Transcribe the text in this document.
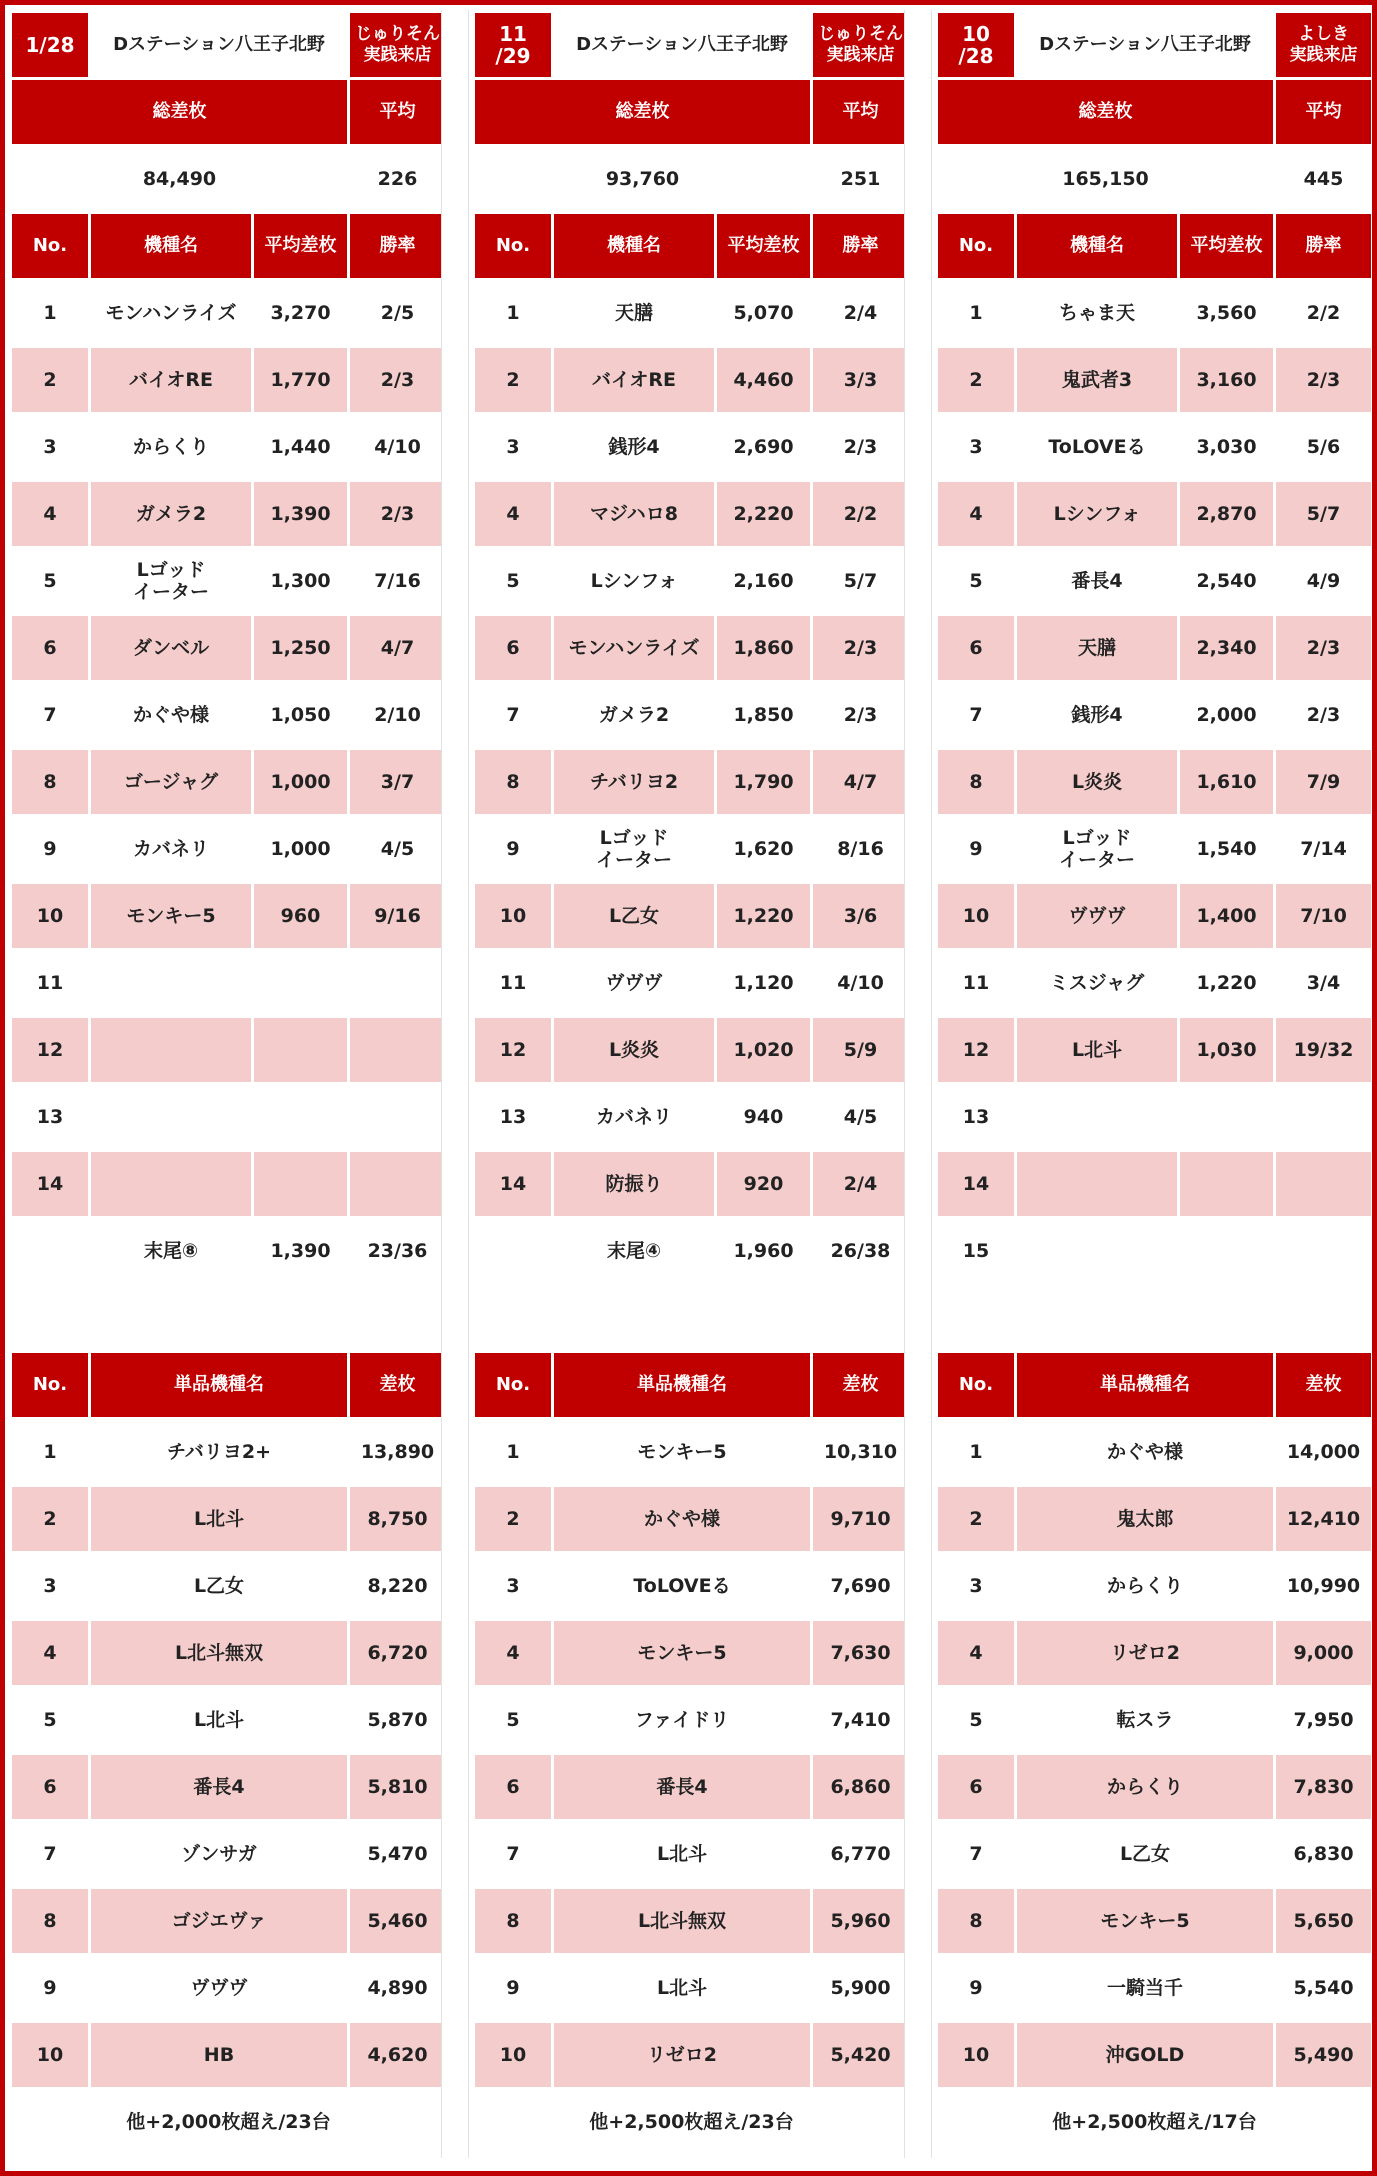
1/28	Dステーション八王子北野		じゅりそん
実践来店
総差枚			平均
84,490			226
No.	機種名	平均差枚	勝率
1	モンハンライズ	3,270	2/5
2	バイオRE	1,770	2/3
3	からくり	1,440	4/10
4	ガメラ2	1,390	2/3
5	Lゴッド
イーター	1,300	7/16
6	ダンベル	1,250	4/7
7	かぐや様	1,050	2/10
8	ゴージャグ	1,000	3/7
9	カバネリ	1,000	4/5
10	モンキー5	960	9/16
11			
12			
13			
14			
	末尾⑧	1,390	23/36

No.	単品機種名		差枚
1	チバリヨ2+		13,890
2	L北斗		8,750
3	L乙女		8,220
4	L北斗無双		6,720
5	L北斗		5,870
6	番長4		5,810
7	ゾンサガ		5,470
8	ゴジエヴァ		5,460
9	ヴヴヴ		4,890
10	HB		4,620
他+2,000枚超え/23台			
11
/29	Dステーション八王子北野		じゅりそん
実践来店
総差枚			平均
93,760			251
No.	機種名	平均差枚	勝率
1	天膳	5,070	2/4
2	バイオRE	4,460	3/3
3	銭形4	2,690	2/3
4	マジハロ8	2,220	2/2
5	Lシンフォ	2,160	5/7
6	モンハンライズ	1,860	2/3
7	ガメラ2	1,850	2/3
8	チバリヨ2	1,790	4/7
9	Lゴッド
イーター	1,620	8/16
10	L乙女	1,220	3/6
11	ヴヴヴ	1,120	4/10
12	L炎炎	1,020	5/9
13	カバネリ	940	4/5
14	防振り	920	2/4
	末尾④	1,960	26/38

No.	単品機種名		差枚
1	モンキー5		10,310
2	かぐや様		9,710
3	ToLOVEる		7,690
4	モンキー5		7,630
5	ファイドリ		7,410
6	番長4		6,860
7	L北斗		6,770
8	L北斗無双		5,960
9	L北斗		5,900
10	リゼロ2		5,420
他+2,500枚超え/23台			
10
/28	Dステーション八王子北野		よしき
実践来店
総差枚			平均
165,150			445
No.	機種名	平均差枚	勝率
1	ちゃま天	3,560	2/2
2	鬼武者3	3,160	2/3
3	ToLOVEる	3,030	5/6
4	Lシンフォ	2,870	5/7
5	番長4	2,540	4/9
6	天膳	2,340	2/3
7	銭形4	2,000	2/3
8	L炎炎	1,610	7/9
9	Lゴッド
イーター	1,540	7/14
10	ヴヴヴ	1,400	7/10
11	ミスジャグ	1,220	3/4
12	L北斗	1,030	19/32
13			
14			
15			

No.	単品機種名		差枚
1	かぐや様		14,000
2	鬼太郎		12,410
3	からくり		10,990
4	リゼロ2		9,000
5	転スラ		7,950
6	からくり		7,830
7	L乙女		6,830
8	モンキー5		5,650
9	一騎当千		5,540
10	沖GOLD		5,490
他+2,500枚超え/17台			
